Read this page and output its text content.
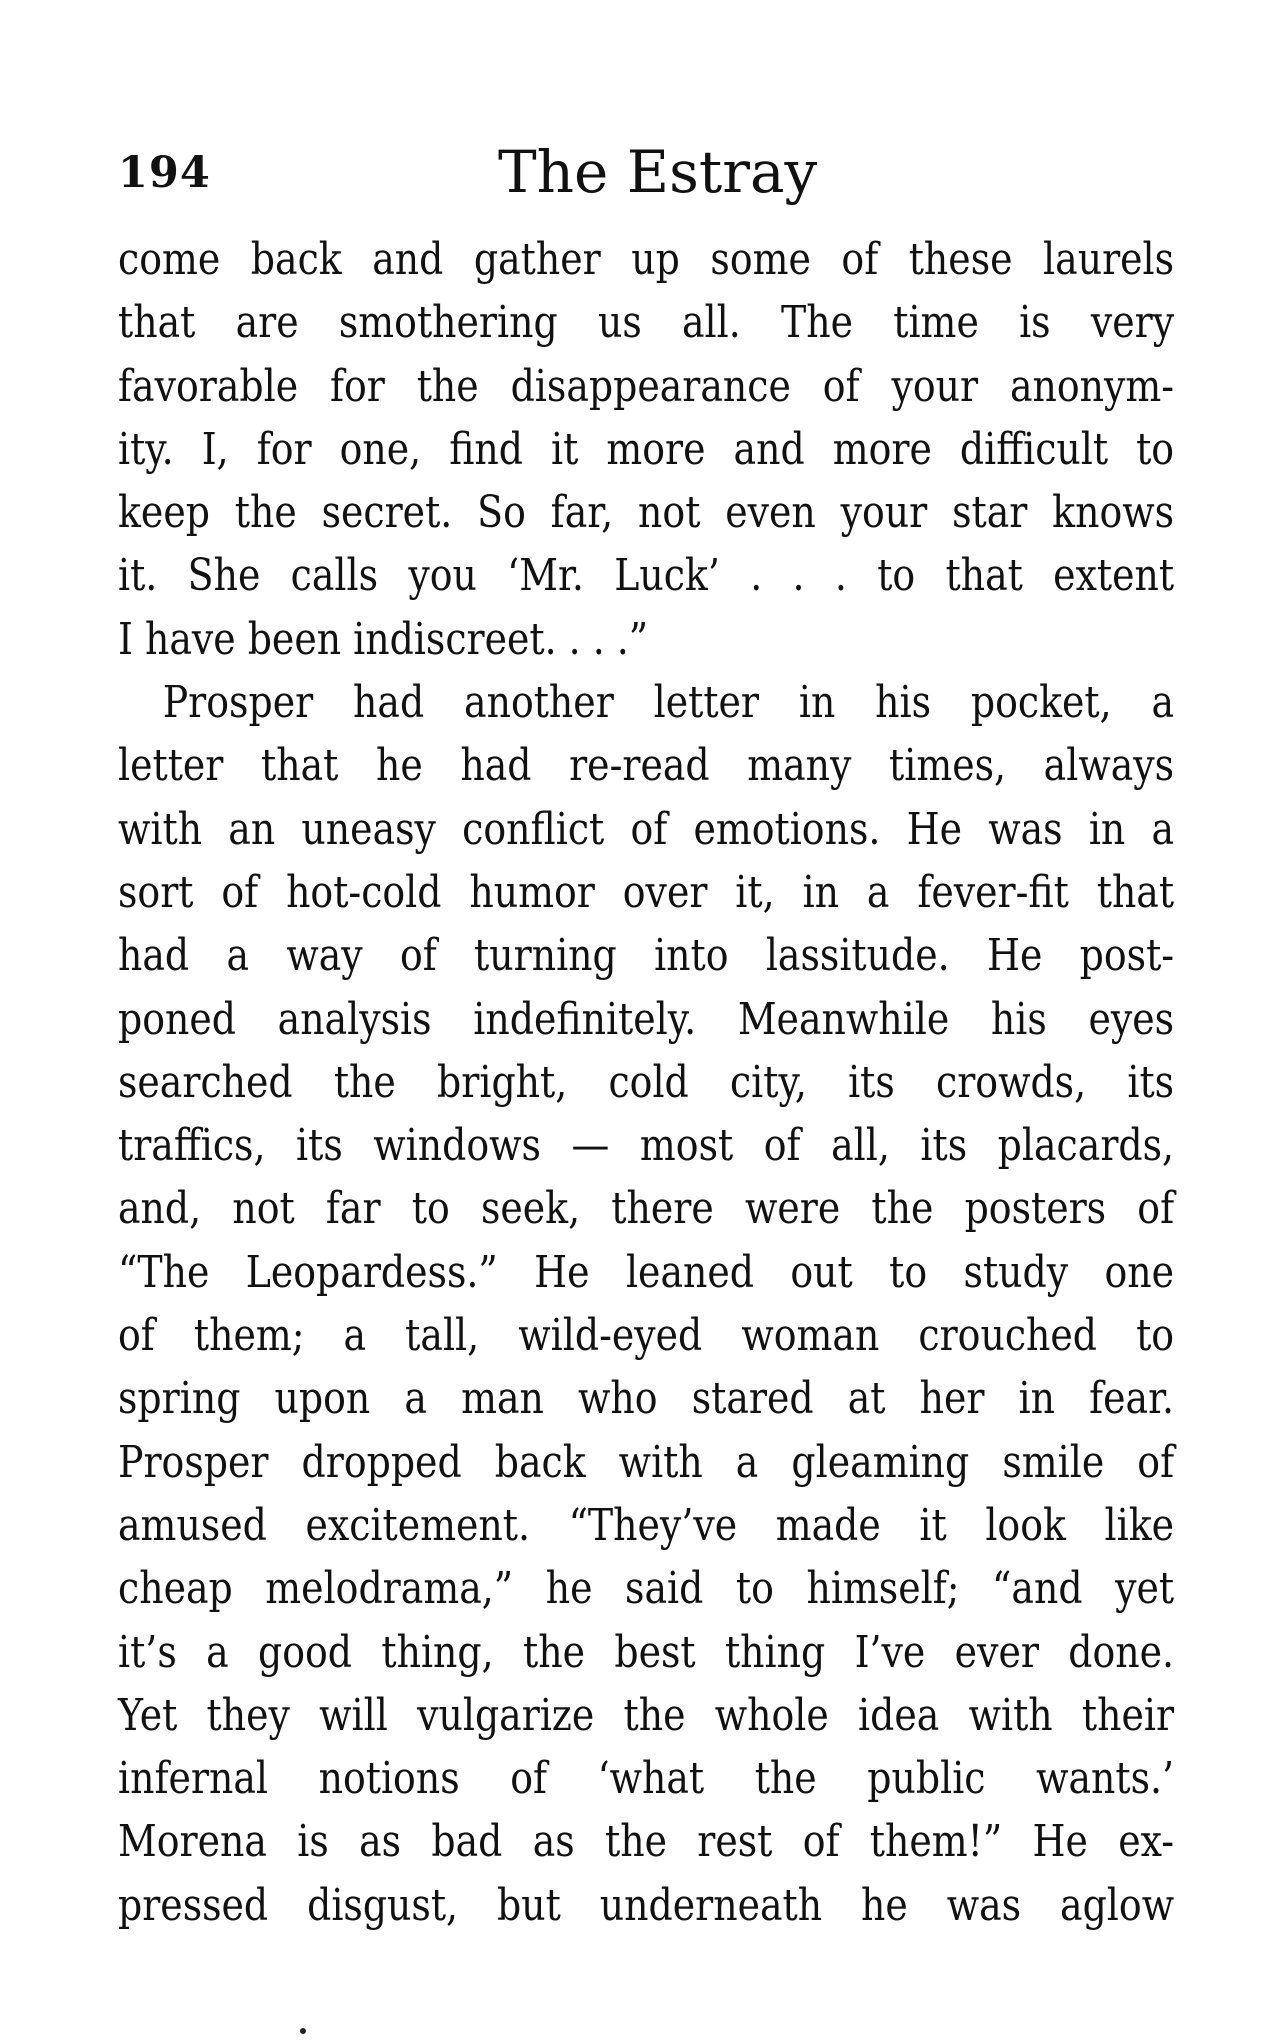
194	The Estray
come back and gather up some of these laurels
that are smothering us all. The time is very
favorable for the disappearance of your anonym-
ity. I, for one, find it more and more difficult to
keep the secret. So far, not even your star knows
it. She calls you ‘Mr. Luck’ . . . to that extent
I have been indiscreet. . . .”
Prosper had another letter in his pocket, a
letter that he had re-read many times, always
with an uneasy conflict of emotions. He was in a
sort of hot-cold humor over it, in a fever-fit that
had a way of turning into lassitude. He post-
poned analysis indefinitely. Meanwhile his eyes
searched the bright, cold city, its crowds, its
traffics, its windows — most of all, its placards,
and, not far to seek, there were the posters of
“The Leopardess.” He leaned out to study one
of them; a tall, wild-eyed woman crouched to
spring upon a man who stared at her in fear.
Prosper dropped back with a gleaming smile of
amused excitement. “They’ve made it look like
cheap melodrama,” he said to himself; “and yet
it’s a good thing, the best thing I’ve ever done.
Yet they will vulgarize the whole idea with their
infernal notions of ‘what the public wants.’
Morena is as bad as the rest of them!” He ex-
pressed disgust, but underneath he was aglow
